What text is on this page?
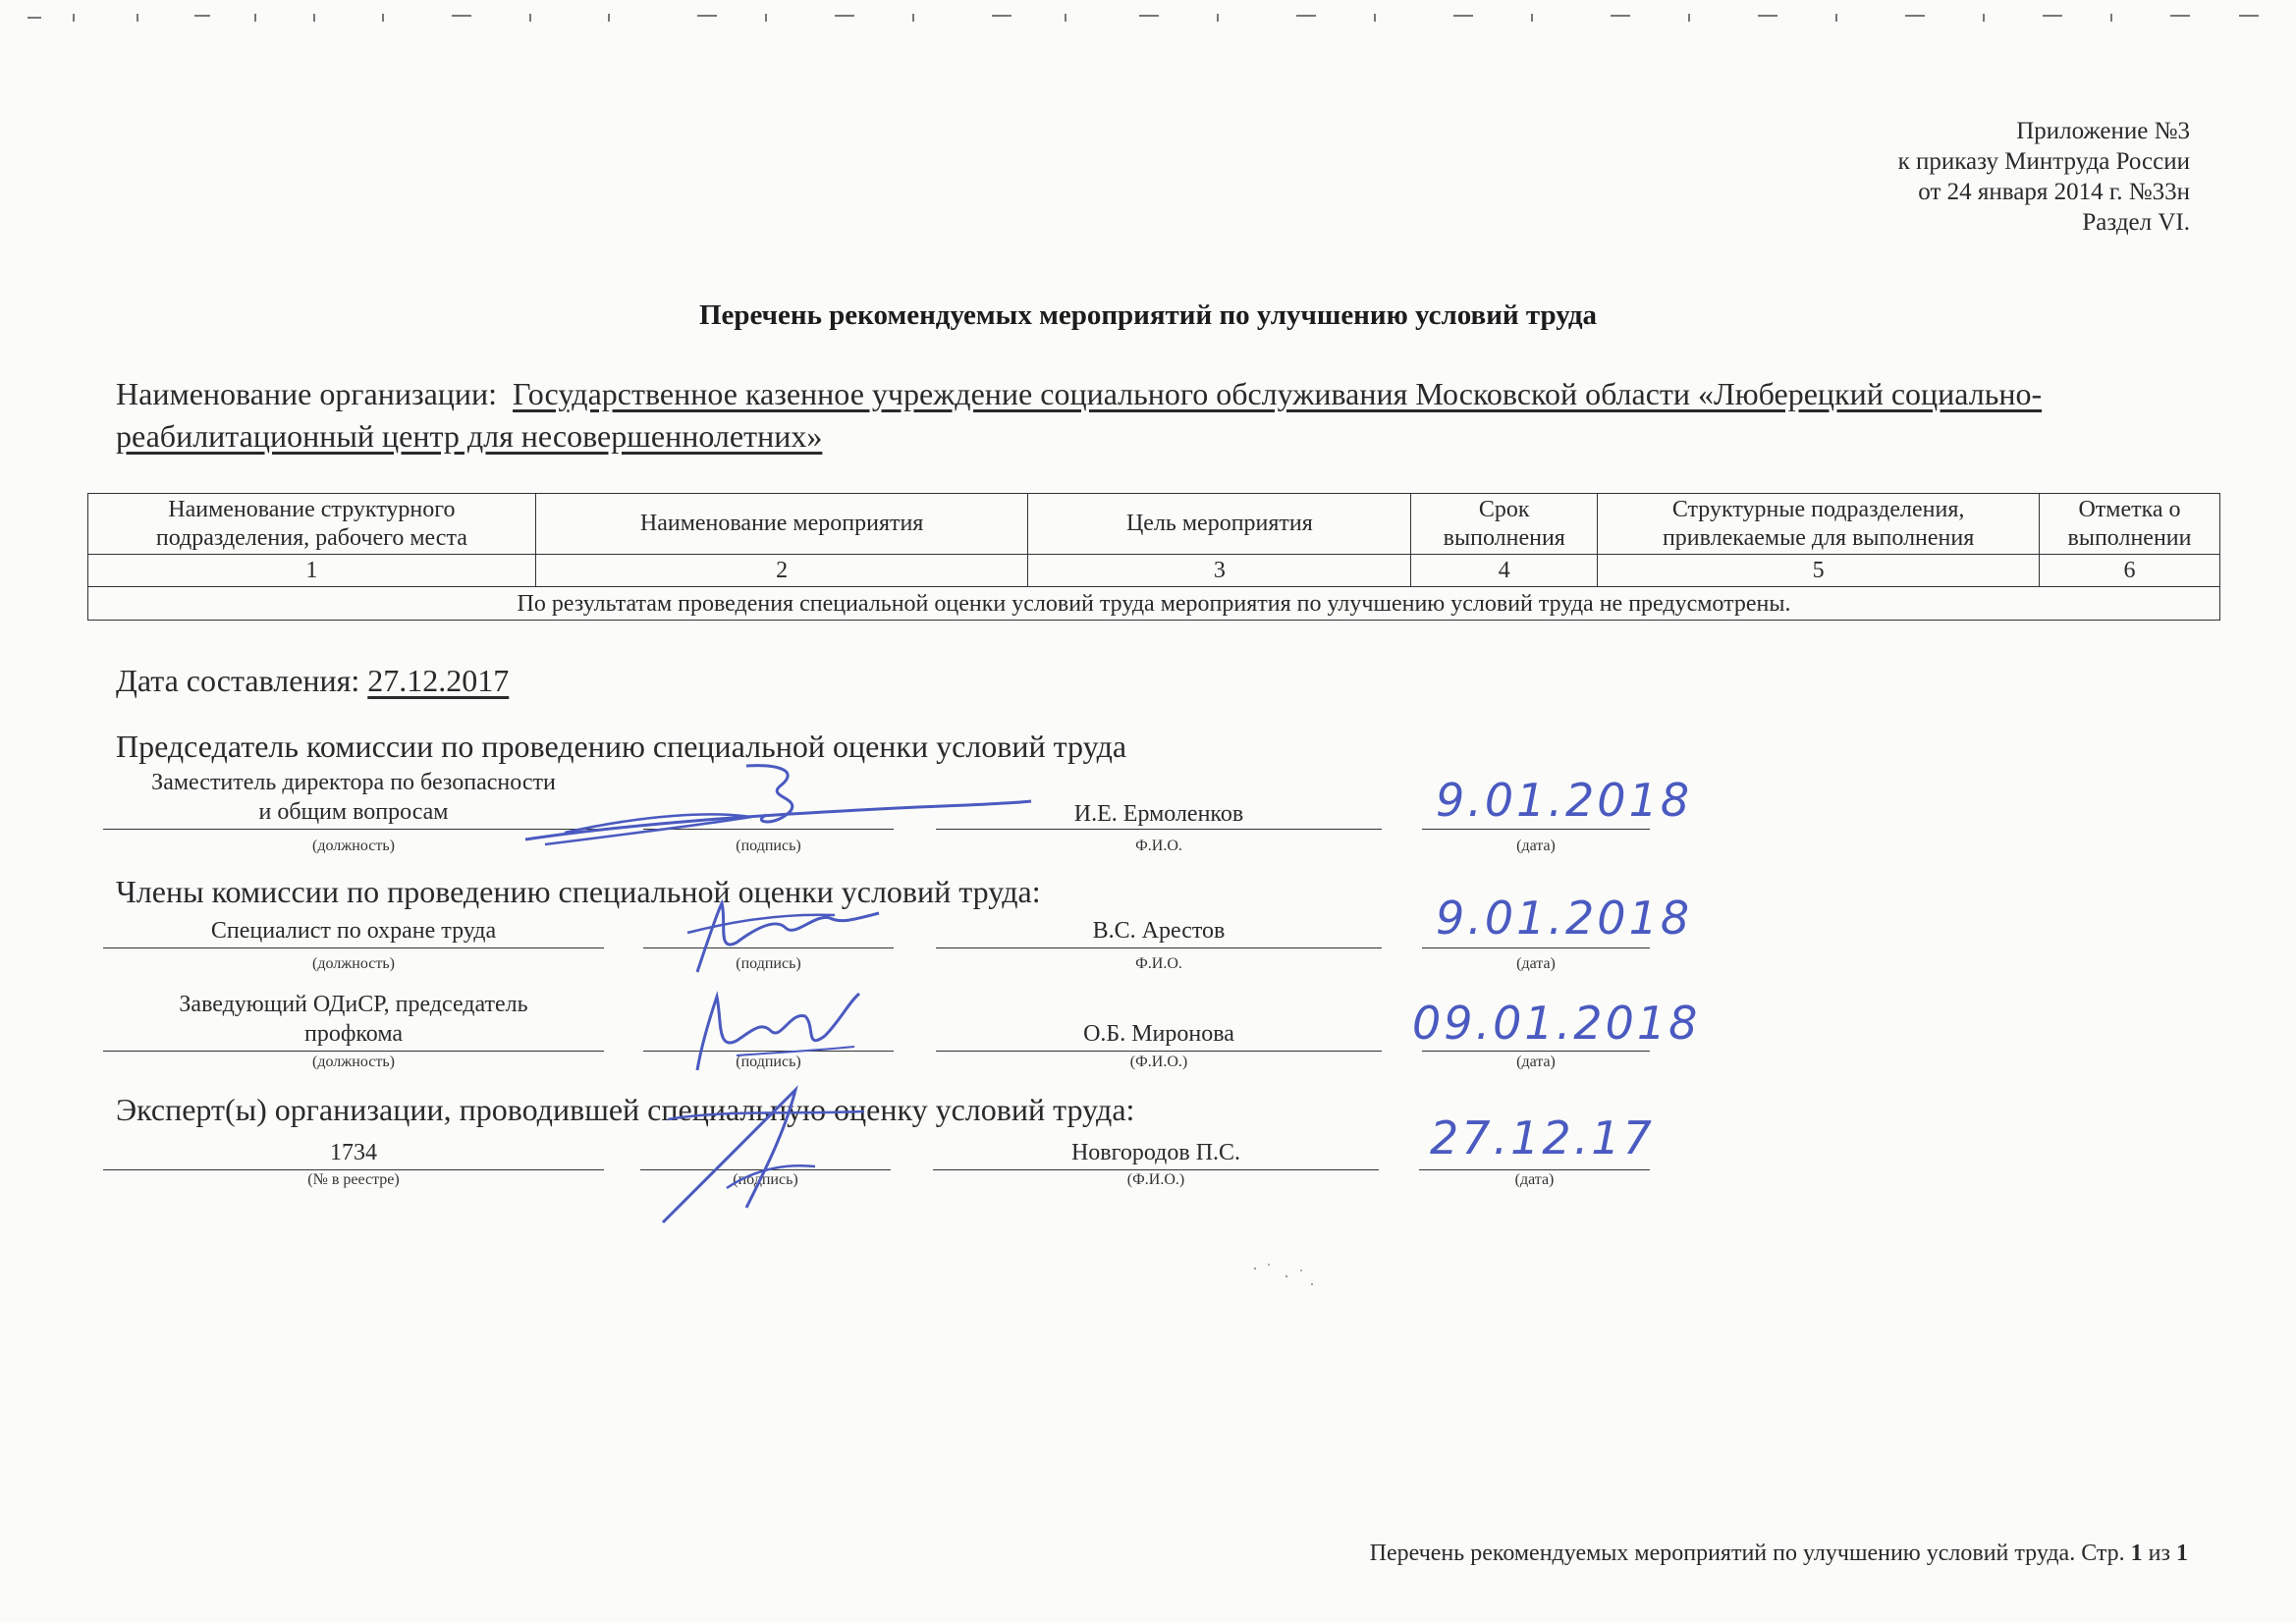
Приложение №3
к приказу Минтруда России
от 24 января 2014 г. №33н
Раздел VI.
Перечень рекомендуемых мероприятий по улучшению условий труда
Наименование организации: Государственное казенное учреждение социального обслуживания Московской области «Люберецкий социально-реабилитационный центр для несовершеннолетних»
Наименование структурного подразделения, рабочего места	Наименование мероприятия	Цель мероприятия	Срок выполнения	Структурные подразделения, привлекаемые для выполнения	Отметка о выполнении
1	2	3	4	5	6
По результатам проведения специальной оценки условий труда мероприятия по улучшению условий труда не предусмотрены.					
Дата составления: 27.12.2017
Председатель комиссии по проведению специальной оценки условий труда
Заместитель директора по безопасности
и общим вопросам	И.Е. Ермоленков
(должность)	(подпись)	Ф.И.О.	(дата)
9.01.2018
Члены комиссии по проведению специальной оценки условий труда:
Специалист по охране труда	В.С. Арестов
(должность)	(подпись)	Ф.И.О.	(дата)
9.01.2018
Заведующий ОДиСР, председатель
профкома	О.Б. Миронова
(должность)	(подпись)	(Ф.И.О.)	(дата)
09.01.2018
Эксперт(ы) организации, проводившей специальную оценку условий труда:
1734	Новгородов П.С.
(№ в реестре)	(подпись)	(Ф.И.О.)	(дата)
27.12.17
Перечень рекомендуемых мероприятий по улучшению условий труда. Стр. 1 из 1
